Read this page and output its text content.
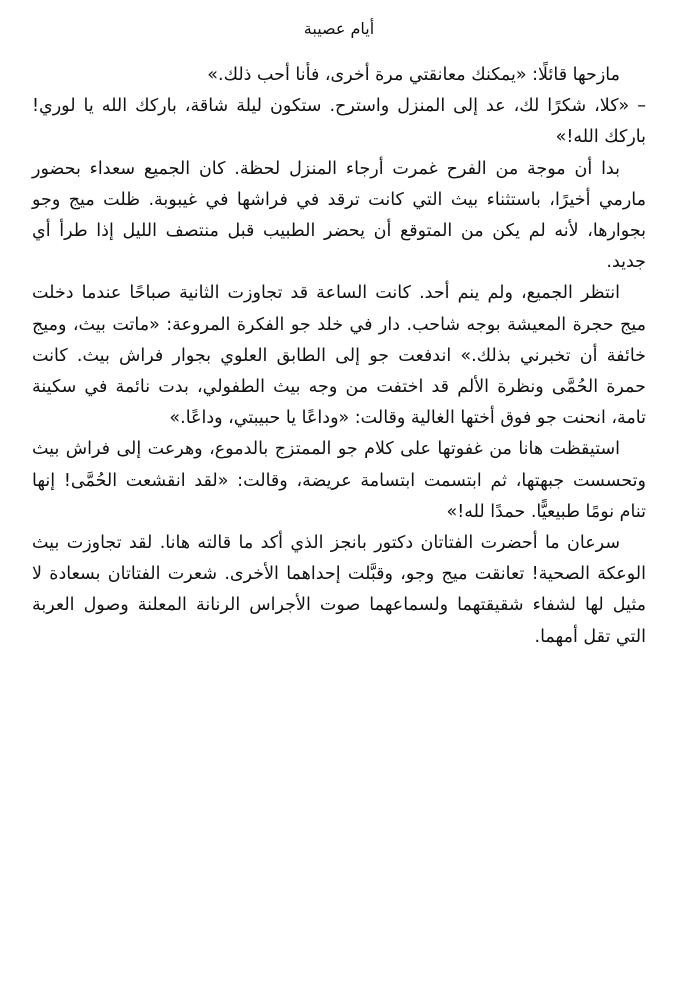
أيام عصيبة

مازحها قائلًا: «يمكنك معانقتي مرة أخرى، فأنا أحب ذلك.»

– «كلا، شكرًا لك، عد إلى المنزل واسترح. ستكون ليلة شاقة، باركك الله يا لوري! باركك الله!»

بدا أن موجة من الفرح غمرت أرجاء المنزل لحظة. كان الجميع سعداء بحضور مارمي أخيرًا، باستثناء بيث التي كانت ترقد في فراشها في غيبوبة. ظلت ميج وجو بجوارها، لأنه لم يكن من المتوقع أن يحضر الطبيب قبل منتصف الليل إذا طرأ أي جديد.

انتظر الجميع، ولم ينم أحد. كانت الساعة قد تجاوزت الثانية صباحًا عندما دخلت ميج حجرة المعيشة بوجه شاحب. دار في خلد جو الفكرة المروعة: «ماتت بيث، وميج خائفة أن تخبرني بذلك.» اندفعت جو إلى الطابق العلوي بجوار فراش بيث. كانت حمرة الحُمَّى ونظرة الألم قد اختفت من وجه بيث الطفولي، بدت نائمة في سكينة تامة، انحنت جو فوق أختها الغالية وقالت: «وداعًا يا حبيبتي، وداعًا.»

استيقظت هانا من غفوتها على كلام جو الممتزج بالدموع، وهرعت إلى فراش بيث وتحسست جبهتها، ثم ابتسمت ابتسامة عريضة، وقالت: «لقد انقشعت الحُمَّى! إنها تنام نومًا طبيعيًّا. حمدًا لله!»

سرعان ما أحضرت الفتاتان دكتور بانجز الذي أكد ما قالته هانا. لقد تجاوزت بيث الوعكة الصحية! تعانقت ميج وجو، وقبَّلت إحداهما الأخرى. شعرت الفتاتان بسعادة لا مثيل لها لشفاء شقيقتهما ولسماعهما صوت الأجراس الرنانة المعلنة وصول العربة التي تقل أمهما.
